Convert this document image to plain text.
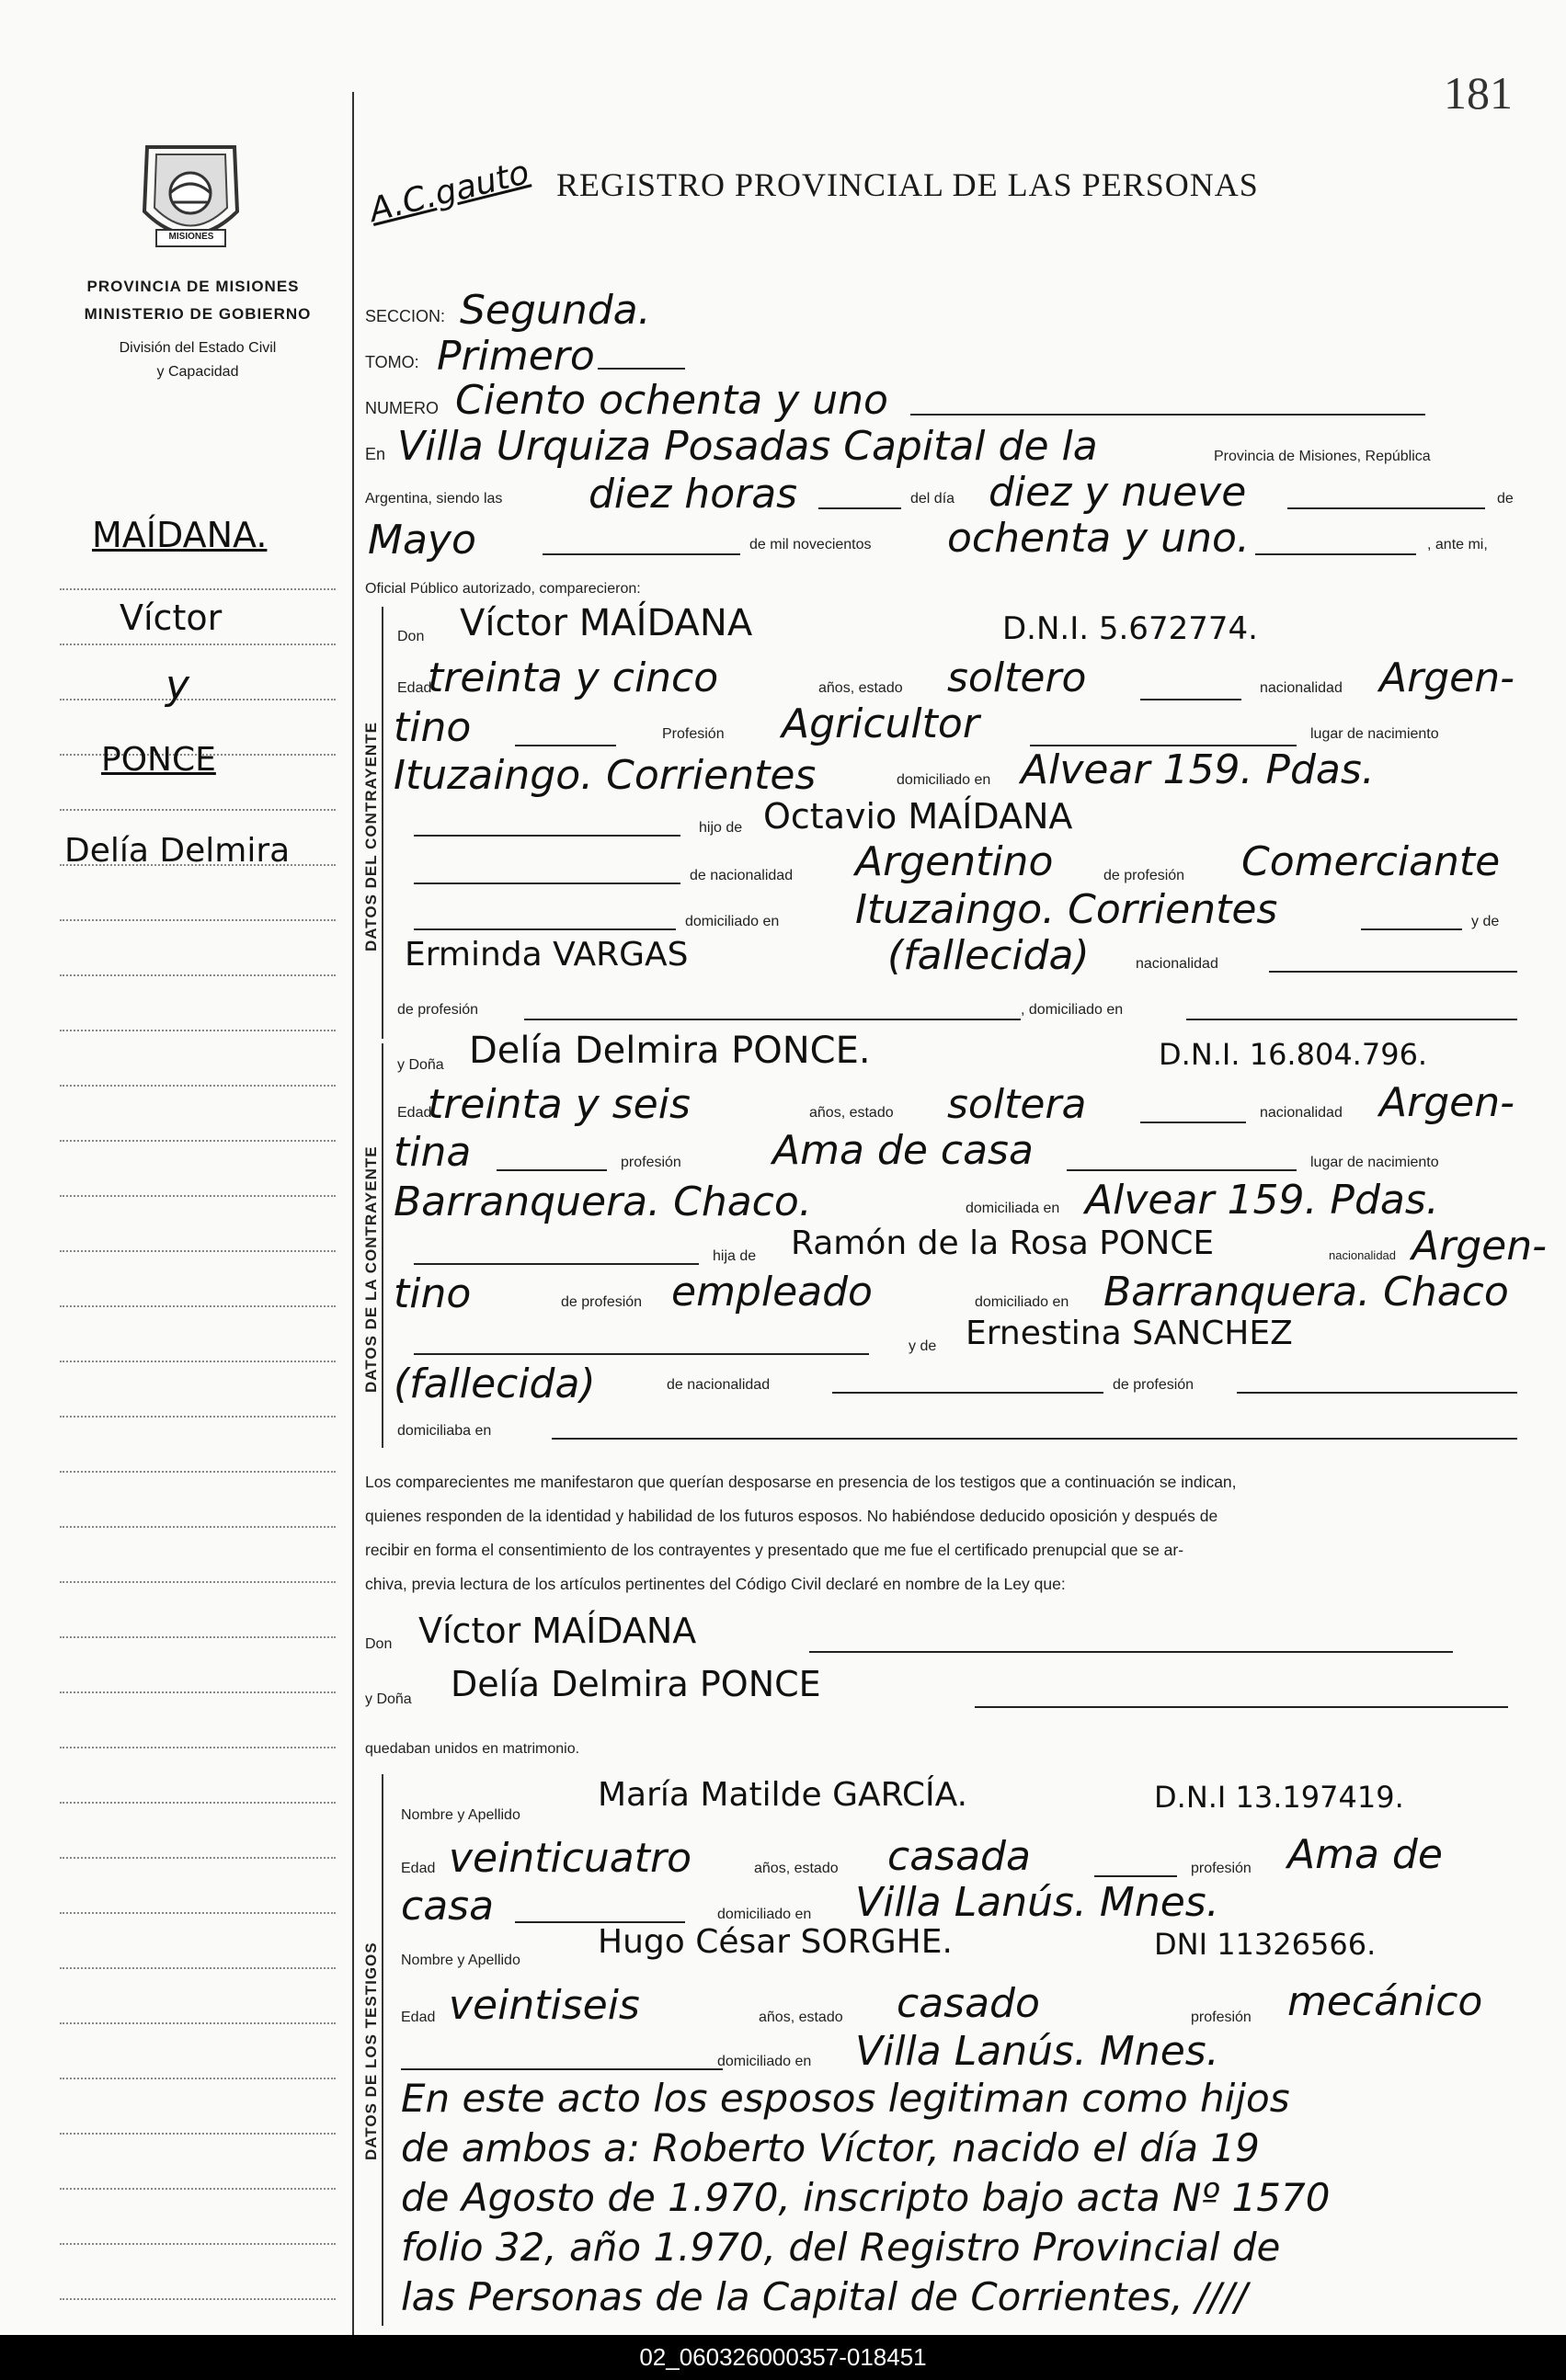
181
MISIONES
PROVINCIA DE MISIONES
MINISTERIO DE GOBIERNO
División del Estado Civil
y Capacidad
MAÍDANA.
Víctor
y
PONCE
Delía Delmira
A.C.gauto REGISTRO PROVINCIAL DE LAS PERSONAS
SECCION: Segunda.
TOMO: Primero
NUMERO Ciento ochenta y uno
En Villa Urquiza Posadas Capital de la	Provincia de Misiones, República
Argentina, siendo las diez horas	del día diez y nueve	de
Mayo	de mil novecientos ochenta y uno.	, ante mi,
Oficial Público autorizado, comparecieron:
DATOS DEL CONTRAYENTE
Don Víctor MAÍDANA	D.N.I. 5.672774.
Edad
treinta y cinco	años, estado soltero	nacionalidad Argen-
tino	Profesión Agricultor	lugar de nacimiento
Ituzaingo. Corrientes	domiciliado en Alvear 159. Pdas.
hijo de Octavio MAÍDANA
de nacionalidad Argentino	de profesión Comerciante
domiciliado en Ituzaingo. Corrientes	y de
Erminda VARGAS	(fallecida)	nacionalidad
de profesión	, domiciliado en
DATOS DE LA CONTRAYENTE
y Doña Delía Delmira PONCE.	D.N.I. 16.804.796.
Edad
treinta y seis	años, estado soltera	nacionalidad Argen-
tina	profesión Ama de casa	lugar de nacimiento
Barranquera. Chaco.	domiciliada en Alvear 159. Pdas.
hija de Ramón de la Rosa PONCE	nacionalidad Argen-
tino	de profesión empleado	domiciliado en Barranquera. Chaco
y de Ernestina SANCHEZ
(fallecida)	de nacionalidad	de profesión
domiciliaba en
Los comparecientes me manifestaron que querían desposarse en presencia de los testigos que a continuación se indican,
quienes responden de la identidad y habilidad de los futuros esposos. No habiéndose deducido oposición y después de
recibir en forma el consentimiento de los contrayentes y presentado que me fue el certificado prenupcial que se ar-
chiva, previa lectura de los artículos pertinentes del Código Civil declaré en nombre de la Ley que:
Don Víctor MAÍDANA
y Doña Delía Delmira PONCE
quedaban unidos en matrimonio.
DATOS DE LOS TESTIGOS
Nombre y Apellido
María Matilde GARCÍA.	D.N.I 13.197419.
Edad veinticuatro	años, estado casada	profesión Ama de
casa	domiciliado en Villa Lanús. Mnes.
Nombre y Apellido Hugo César SORGHE.	DNI 11326566.
Edad veintiseis	años, estado casado	profesión mecánico
domiciliado en Villa Lanús. Mnes.
En este acto los esposos legitiman como hijos
de ambos a: Roberto Víctor, nacido el día 19
de Agosto de 1.970, inscripto bajo acta Nº 1570
folio 32, año 1.970, del Registro Provincial de
las Personas de la Capital de Corrientes, ////
02_060326000357-018451
